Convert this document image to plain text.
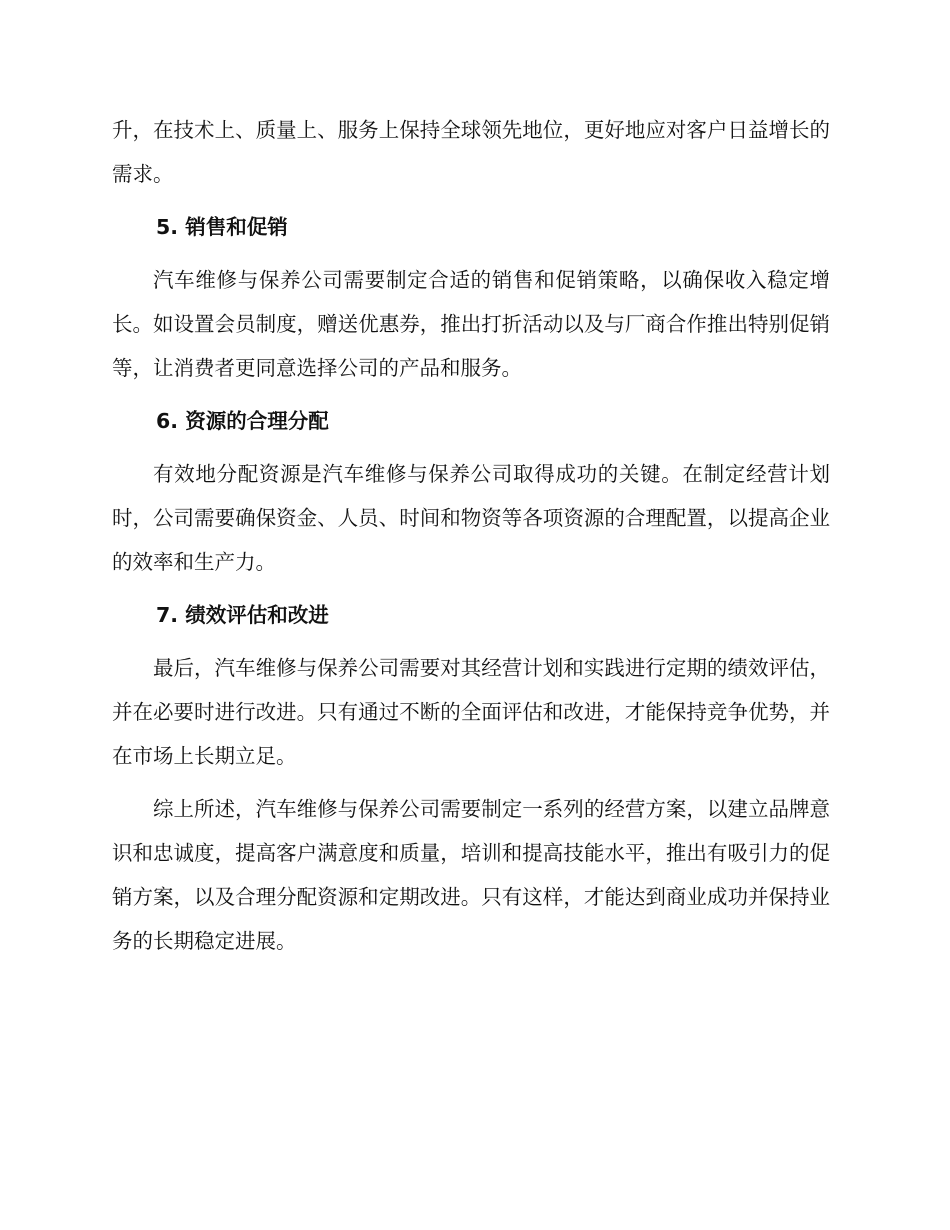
升，在技术上、质量上、服务上保持全球领先地位，更好地应对客户日益增长的需求。

5. 销售和促销

汽车维修与保养公司需要制定合适的销售和促销策略，以确保收入稳定增长。如设置会员制度，赠送优惠券，推出打折活动以及与厂商合作推出特别促销等，让消费者更同意选择公司的产品和服务。

6. 资源的合理分配

有效地分配资源是汽车维修与保养公司取得成功的关键。在制定经营计划时，公司需要确保资金、人员、时间和物资等各项资源的合理配置，以提高企业的效率和生产力。

7. 绩效评估和改进

最后，汽车维修与保养公司需要对其经营计划和实践进行定期的绩效评估，并在必要时进行改进。只有通过不断的全面评估和改进，才能保持竞争优势，并在市场上长期立足。

综上所述，汽车维修与保养公司需要制定一系列的经营方案，以建立品牌意识和忠诚度，提高客户满意度和质量，培训和提高技能水平，推出有吸引力的促销方案，以及合理分配资源和定期改进。只有这样，才能达到商业成功并保持业务的长期稳定进展。
